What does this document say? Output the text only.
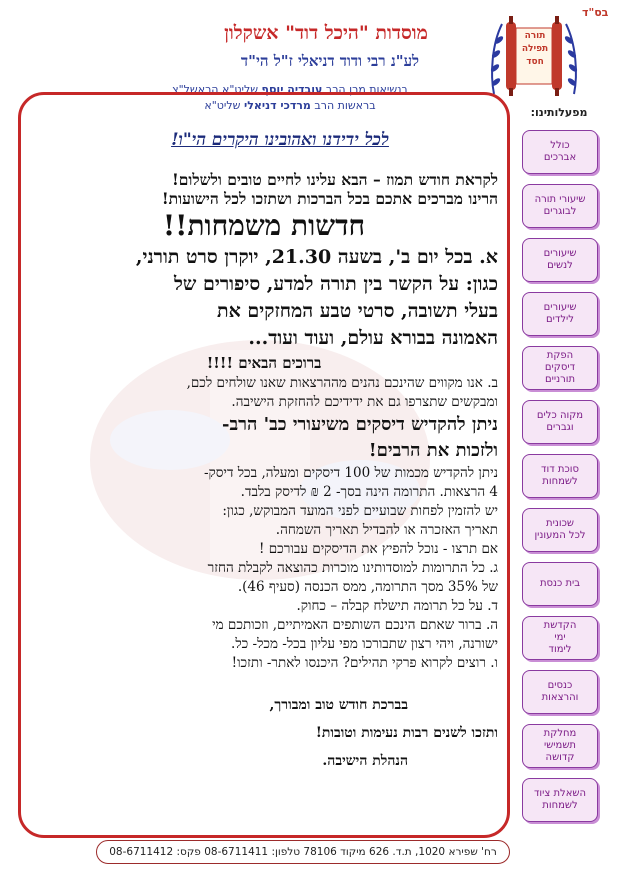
בס"ד
תורה תפילה חסד
מוסדות "היכל דוד" אשקלון
לע"נ רבי ודוד דניאלי ז"ל הי"ד
בנשיאות מרן הרב עובדיה יוסף שליט"א הראשל"צ
בראשות הרב מרדכי דניאלי שליט"א
לכל ידידנו ואהובינו היקרים הי"ו!
לקראת חודש תמוז – הבא עלינו לחיים טובים ולשלום!
הרינו מברכים אתכם בכל הברכות ושתזכו לכל הישועות!
חדשות משמחות!!
א. בכל יום ב', בשעה 21.30, יוקרן סרט תורני,
כגון: על הקשר בין תורה למדע, סיפורים של
בעלי תשובה, סרטי טבע המחזקים את
האמונה בבורא עולם, ועוד ועוד...
ברוכים הבאים !!!!
ב. אנו מקווים שהינכם נהנים מההרצאות שאנו שולחים לכם,
ומבקשים שתצרפו גם את ידידיכם להחזקת הישיבה.
ניתן להקדיש דיסקים משיעורי כב' הרב-
ולזכות את הרבים!
ניתן להקדיש מכמות של 100 דיסקים ומעלה, בכל דיסק-
4 הרצאות. התרומה הינה בסך- 2 ₪ לדיסק בלבד.
יש להזמין לפחות שבועיים לפני המועד המבוקש, כגון:
תאריך האזכרה או להבדיל תאריך השמחה.
אם תרצו - נוכל להפיץ את הדיסקים עבורכם !
ג. כל התרומות למוסדותינו מוכרות כהוצאה לקבלת החזר
של 35% מסך התרומה, ממס הכנסה (סעיף 46).
ד. על כל תרומה תישלח קבלה – כחוק.
ה. ברור שאתם הינכם השותפים האמיתיים, וזכותכם מי
ישורנה, ויהי רצון שתבורכו מפי עליון בכל- מכל- כל.
ו. רוצים לקרוא פרקי תהילים? היכנסו לאתר- ותזכו!
בברכת חודש טוב ומבורך,
ותזכו לשנים רבות נעימות וטובות!
הנהלת הישיבה.
מפעלותינו:
כולל
אברכים
שיעורי תורה
לבוגרים
שיעורים
לנשים
שיעורים
לילדים
הפקת
דיסקים
תורניים
מקוה כלים
וגברים
סוכת דוד
לשמחות
שכונית
לכל המעונין
בית כנסת
הקדשת
ימי
לימוד
כנסים
והרצאות
מחלקת
תשמישי
קדושה
השאלת ציוד
לשמחות
רח' שפירא 1020, ת.ד. 626 מיקוד 78106 טלפון: 08-6711411 פקס: 08-6711412
